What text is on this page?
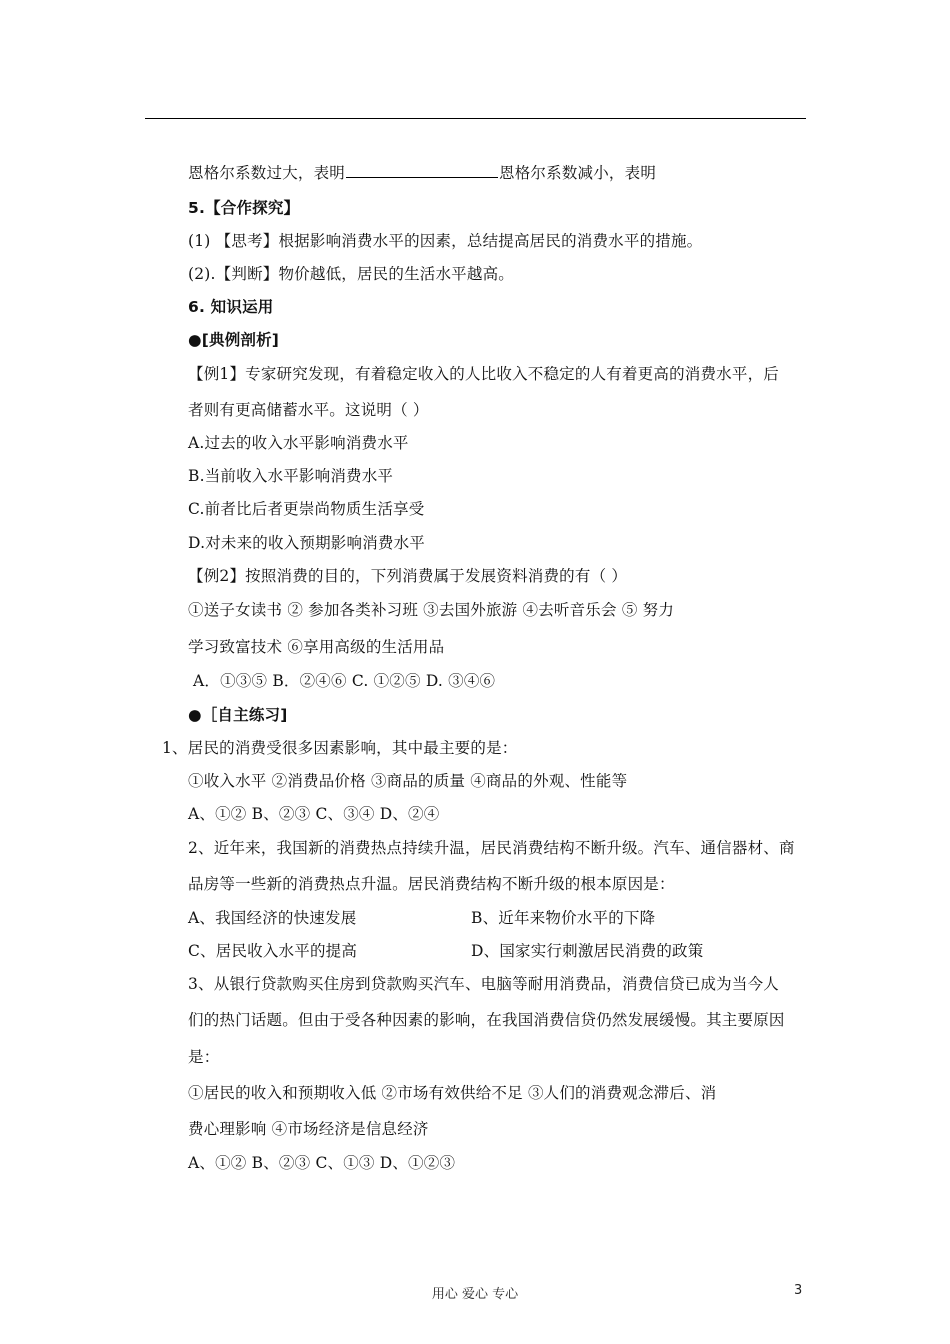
恩格尔系数过大，表明	恩格尔系数减小，表明
5.【合作探究】
(1) 【思考】根据影响消费水平的因素，总结提高居民的消费水平的措施。
(2).【判断】物价越低，居民的生活水平越高。
6. 知识运用
●[典例剖析]
【例1】专家研究发现，有着稳定收入的人比收入不稳定的人有着更高的消费水平，后
者则有更高储蓄水平。这说明（ ）
A.过去的收入水平影响消费水平
B.当前收入水平影响消费水平
C.前者比后者更崇尚物质生活享受
D.对未来的收入预期影响消费水平
【例2】按照消费的目的，下列消费属于发展资料消费的有（ ）
①送子女读书 ② 参加各类补习班 ③去国外旅游 ④去听音乐会 ⑤ 努力
学习致富技术 ⑥享用高级的生活用品
A．①③⑤ B．②④⑥ C. ①②⑤ D. ③④⑥
●［自主练习]
1、居民的消费受很多因素影响，其中最主要的是：
①收入水平 ②消费品价格 ③商品的质量 ④商品的外观、性能等
A、①② B、②③ C、③④ D、②④
2、近年来，我国新的消费热点持续升温，居民消费结构不断升级。汽车、通信器材、商
品房等一些新的消费热点升温。居民消费结构不断升级的根本原因是：
A、我国经济的快速发展	B、近年来物价水平的下降
C、居民收入水平的提高	D、国家实行刺激居民消费的政策
3、从银行贷款购买住房到贷款购买汽车、电脑等耐用消费品，消费信贷已成为当今人
们的热门话题。但由于受各种因素的影响，在我国消费信贷仍然发展缓慢。其主要原因
是：
①居民的收入和预期收入低 ②市场有效供给不足 ③人们的消费观念滞后、消
费心理影响 ④市场经济是信息经济
A、①② B、②③ C、①③ D、①②③
用心 爱心 专心	3
